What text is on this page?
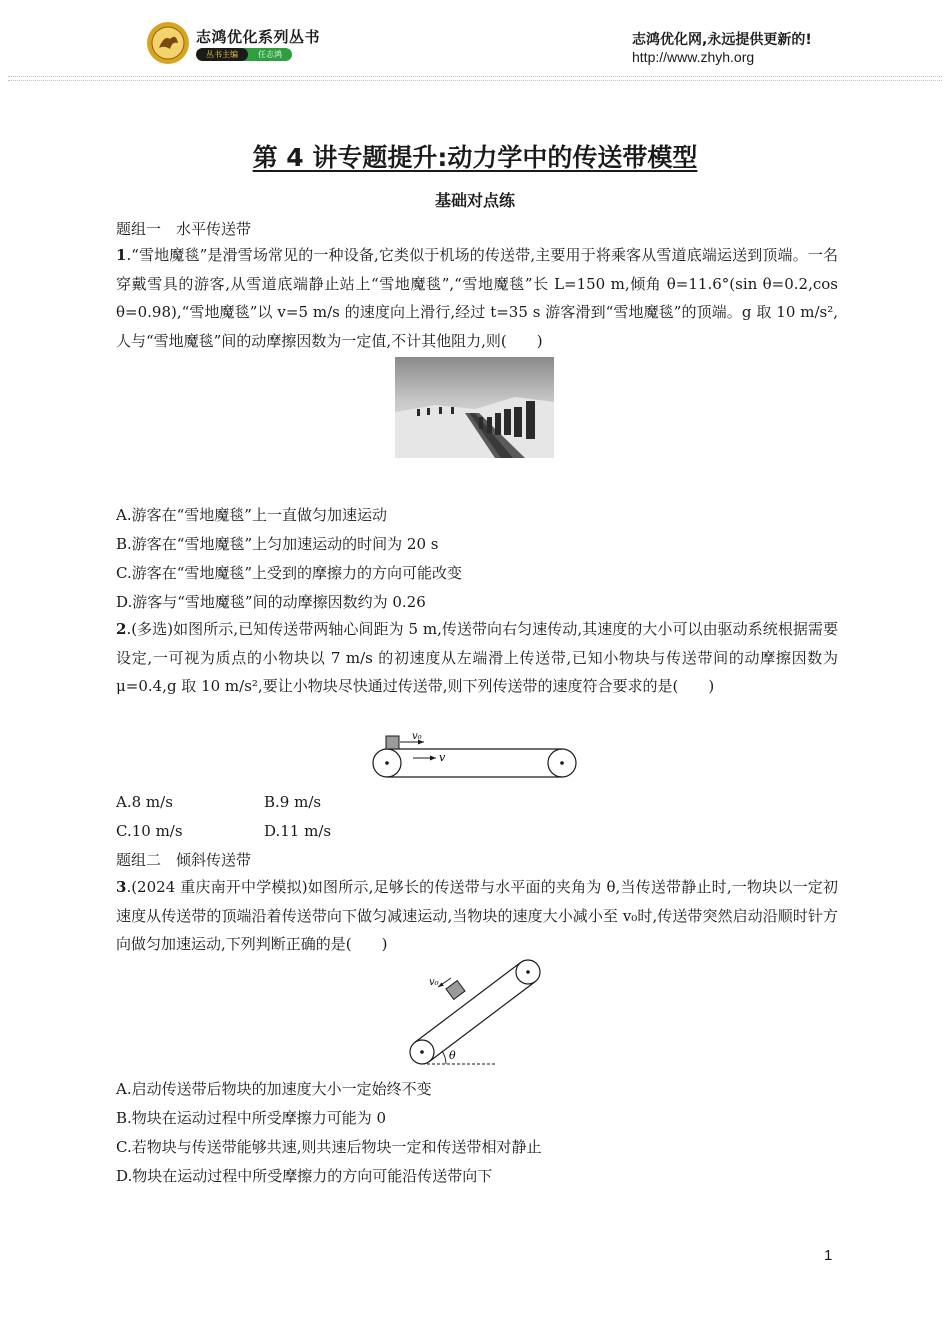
志鸿优化系列丛书
丛书主编	任志鸿
志鸿优化网,永远提供更新的!
http://www.zhyh.org
第 4 讲专题提升:动力学中的传送带模型
基础对点练
题组一　水平传送带

1.“雪地魔毯”是滑雪场常见的一种设备,它类似于机场的传送带,主要用于将乘客从雪道底端运送到顶端。一名穿戴雪具的游客,从雪道底端静止站上“雪地魔毯”,“雪地魔毯”长 L=150 m,倾角 θ=11.6°(sin θ=0.2,cos θ=0.98),“雪地魔毯”以 v=5 m/s 的速度向上滑行,经过 t=35 s 游客滑到“雪地魔毯”的顶端。g 取 10 m/s²,人与“雪地魔毯”间的动摩擦因数为一定值,不计其他阻力,则(　　)

A.游客在“雪地魔毯”上一直做匀加速运动
B.游客在“雪地魔毯”上匀加速运动的时间为 20 s
C.游客在“雪地魔毯”上受到的摩擦力的方向可能改变
D.游客与“雪地魔毯”间的动摩擦因数约为 0.26

2.(多选)如图所示,已知传送带两轴心间距为 5 m,传送带向右匀速传动,其速度的大小可以由驱动系统根据需要设定,一可视为质点的小物块以 7 m/s 的初速度从左端滑上传送带,已知小物块与传送带间的动摩擦因数为 μ=0.4,g 取 10 m/s²,要让小物块尽快通过传送带,则下列传送带的速度符合要求的是(　　)

v₀
v
A.8 m/s	B.9 m/s
C.10 m/s	D.11 m/s
题组二　倾斜传送带

3.(2024 重庆南开中学模拟)如图所示,足够长的传送带与水平面的夹角为 θ,当传送带静止时,一物块以一定初速度从传送带的顶端沿着传送带向下做匀减速运动,当物块的速度大小减小至 v₀时,传送带突然启动沿顺时针方向做匀加速运动,下列判断正确的是(　　)

θ
v₀
A.启动传送带后物块的加速度大小一定始终不变
B.物块在运动过程中所受摩擦力可能为 0
C.若物块与传送带能够共速,则共速后物块一定和传送带相对静止
D.物块在运动过程中所受摩擦力的方向可能沿传送带向下
1
